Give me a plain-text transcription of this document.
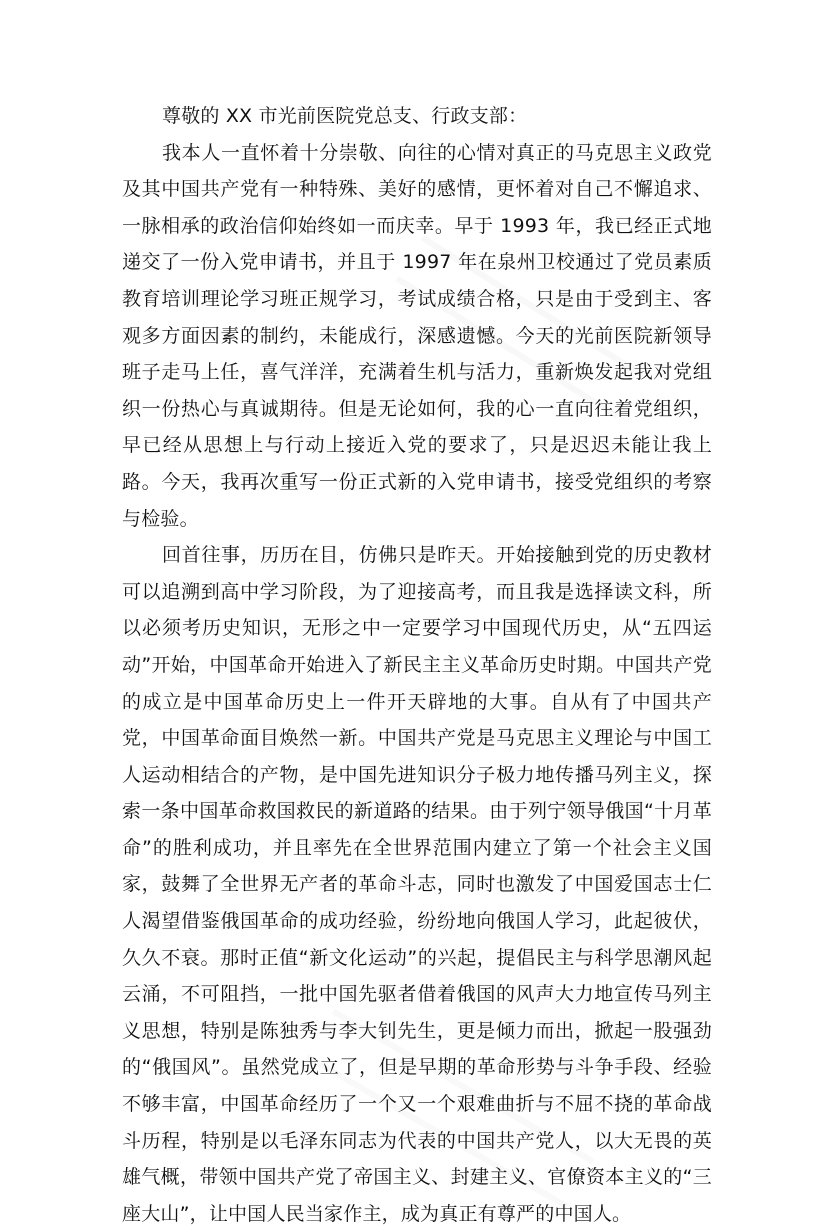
尊敬的 XX 市光前医院党总支、行政支部：

我本人一直怀着十分崇敬、向往的心情对真正的马克思主义政党及其中国共产党有一种特殊、美好的感情，更怀着对自己不懈追求、一脉相承的政治信仰始终如一而庆幸。早于 1993 年，我已经正式地递交了一份入党申请书，并且于 1997 年在泉州卫校通过了党员素质教育培训理论学习班正规学习，考试成绩合格，只是由于受到主、客观多方面因素的制约，未能成行，深感遗憾。今天的光前医院新领导班子走马上任，喜气洋洋，充满着生机与活力，重新焕发起我对党组织一份热心与真诚期待。但是无论如何，我的心一直向往着党组织，早已经从思想上与行动上接近入党的要求了，只是迟迟未能让我上路。今天，我再次重写一份正式新的入党申请书，接受党组织的考察与检验。

回首往事，历历在目，仿佛只是昨天。开始接触到党的历史教材可以追溯到高中学习阶段，为了迎接高考，而且我是选择读文科，所以必须考历史知识，无形之中一定要学习中国现代历史，从“五四运动”开始，中国革命开始进入了新民主主义革命历史时期。中国共产党的成立是中国革命历史上一件开天辟地的大事。自从有了中国共产党，中国革命面目焕然一新。中国共产党是马克思主义理论与中国工人运动相结合的产物，是中国先进知识分子极力地传播马列主义，探索一条中国革命救国救民的新道路的结果。由于列宁领导俄国“十月革命”的胜利成功，并且率先在全世界范围内建立了第一个社会主义国家，鼓舞了全世界无产者的革命斗志，同时也激发了中国爱国志士仁人渴望借鉴俄国革命的成功经验，纷纷地向俄国人学习，此起彼伏，久久不衰。那时正值“新文化运动”的兴起，提倡民主与科学思潮风起云涌，不可阻挡，一批中国先驱者借着俄国的风声大力地宣传马列主义思想，特别是陈独秀与李大钊先生，更是倾力而出，掀起一股强劲的“俄国风”。虽然党成立了，但是早期的革命形势与斗争手段、经验不够丰富，中国革命经历了一个又一个艰难曲折与不屈不挠的革命战斗历程，特别是以毛泽东同志为代表的中国共产党人，以大无畏的英雄气概，带领中国共产党了帝国主义、封建主义、官僚资本主义的“三座大山”，让中国人民当家作主，成为真正有尊严的中国人。
